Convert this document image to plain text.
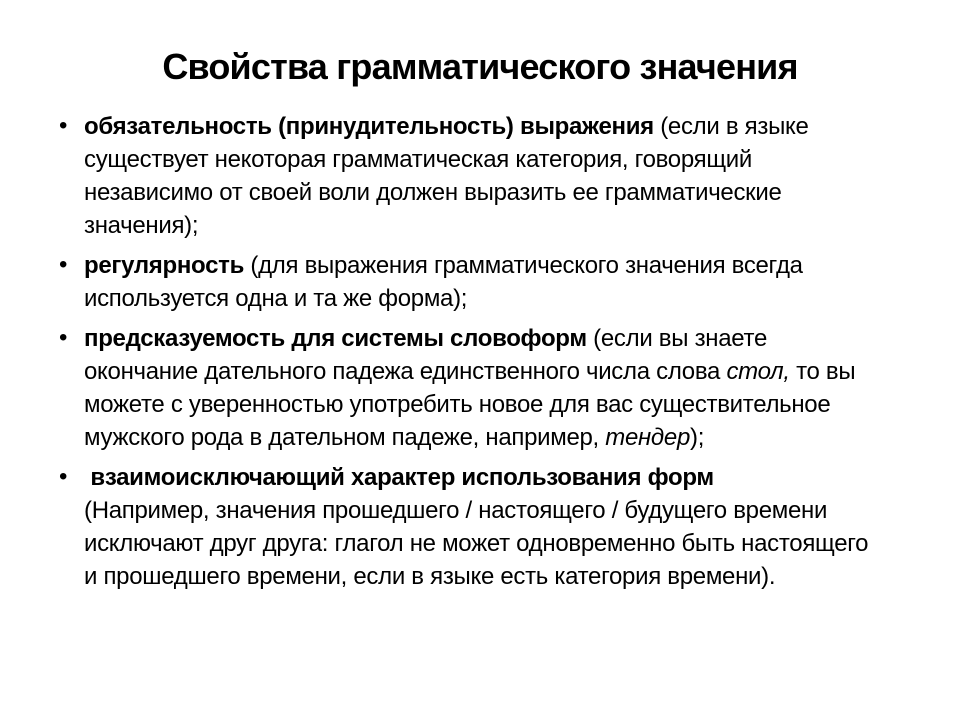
Свойства грамматического значения
• обязательность (принудительность) выражения (если в языке существует некоторая грамматическая категория, говорящий независимо от своей воли должен выразить ее грамматические значения);
• регулярность (для выражения грамматического значения всегда используется одна и та же форма);
• предсказуемость для системы словоформ (если вы знаете окончание дательного падежа единственного числа слова стол, то вы можете с уверенностью употребить новое для вас существительное мужского рода в дательном падеже, например, тендер);
• взаимоисключающий характер использования форм
(Например, значения прошедшего / настоящего / будущего времени исключают друг друга: глагол не может одновременно быть настоящего и прошедшего времени, если в языке есть категория времени).
